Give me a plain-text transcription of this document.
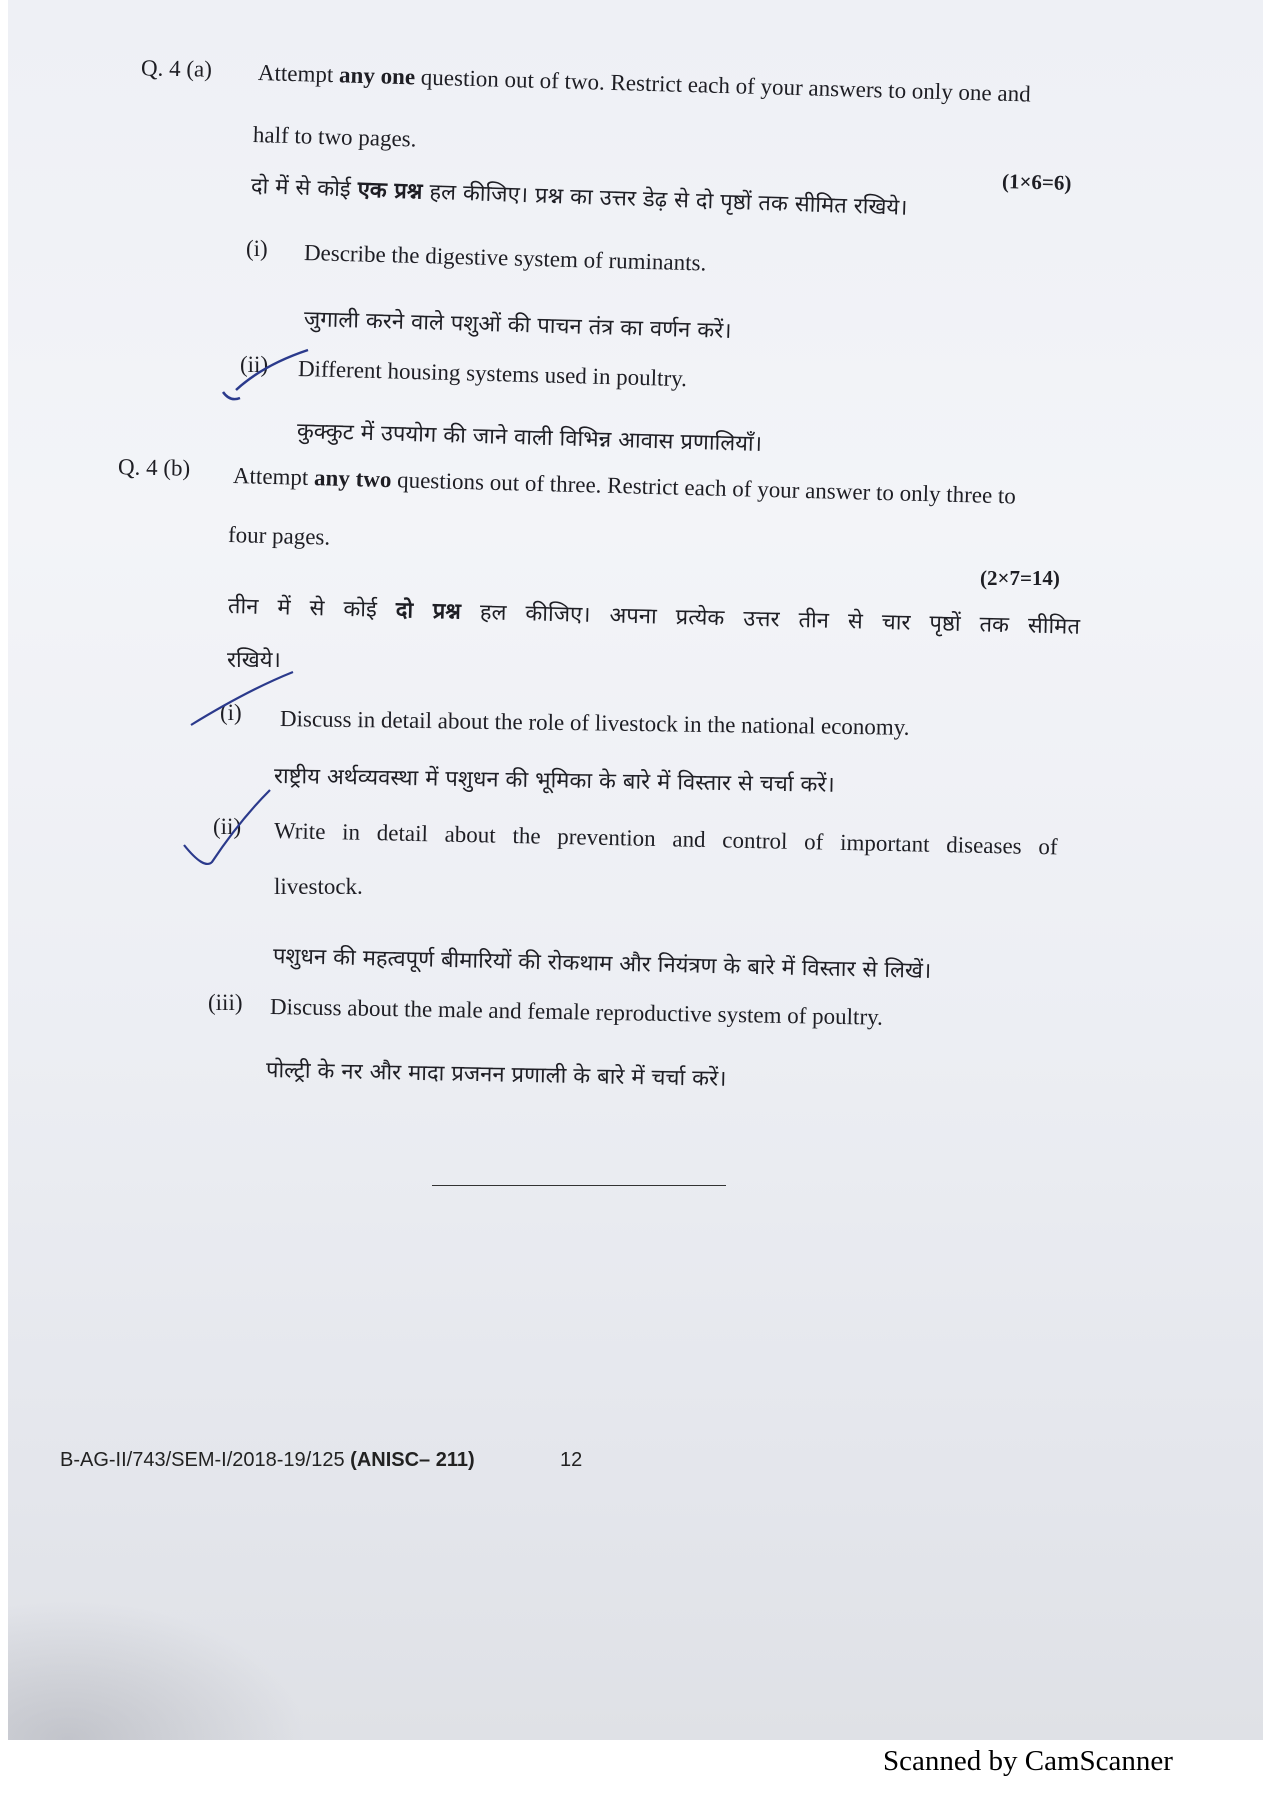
Q. 4 (a) Attempt any one question out of two. Restrict each of your answers to only one and
half to two pages.
(1×6=6)
दो में से कोई एक प्रश्न हल कीजिए। प्रश्न का उत्तर डेढ़ से दो पृष्ठों तक सीमित रखिये।
(i) Describe the digestive system of ruminants.
जुगाली करने वाले पशुओं की पाचन तंत्र का वर्णन करें।
(ii) Different housing systems used in poultry.
कुक्कुट में उपयोग की जाने वाली विभिन्न आवास प्रणालियाँ।
Q. 4 (b) Attempt any two questions out of three. Restrict each of your answer to only three to
four pages.
(2×7=14)
तीन में से कोई दो प्रश्न हल कीजिए। अपना प्रत्येक उत्तर तीन से चार पृष्ठों तक सीमित
रखिये।
(i) Discuss in detail about the role of livestock in the national economy.
राष्ट्रीय अर्थव्यवस्था में पशुधन की भूमिका के बारे में विस्तार से चर्चा करें।
(ii) Write in detail about the prevention and control of important diseases of
livestock.
पशुधन की महत्वपूर्ण बीमारियों की रोकथाम और नियंत्रण के बारे में विस्तार से लिखें।
(iii) Discuss about the male and female reproductive system of poultry.
पोल्ट्री के नर और मादा प्रजनन प्रणाली के बारे में चर्चा करें।
B-AG-II/743/SEM-I/2018-19/125 (ANISC– 211)	12
Scanned by CamScanner
